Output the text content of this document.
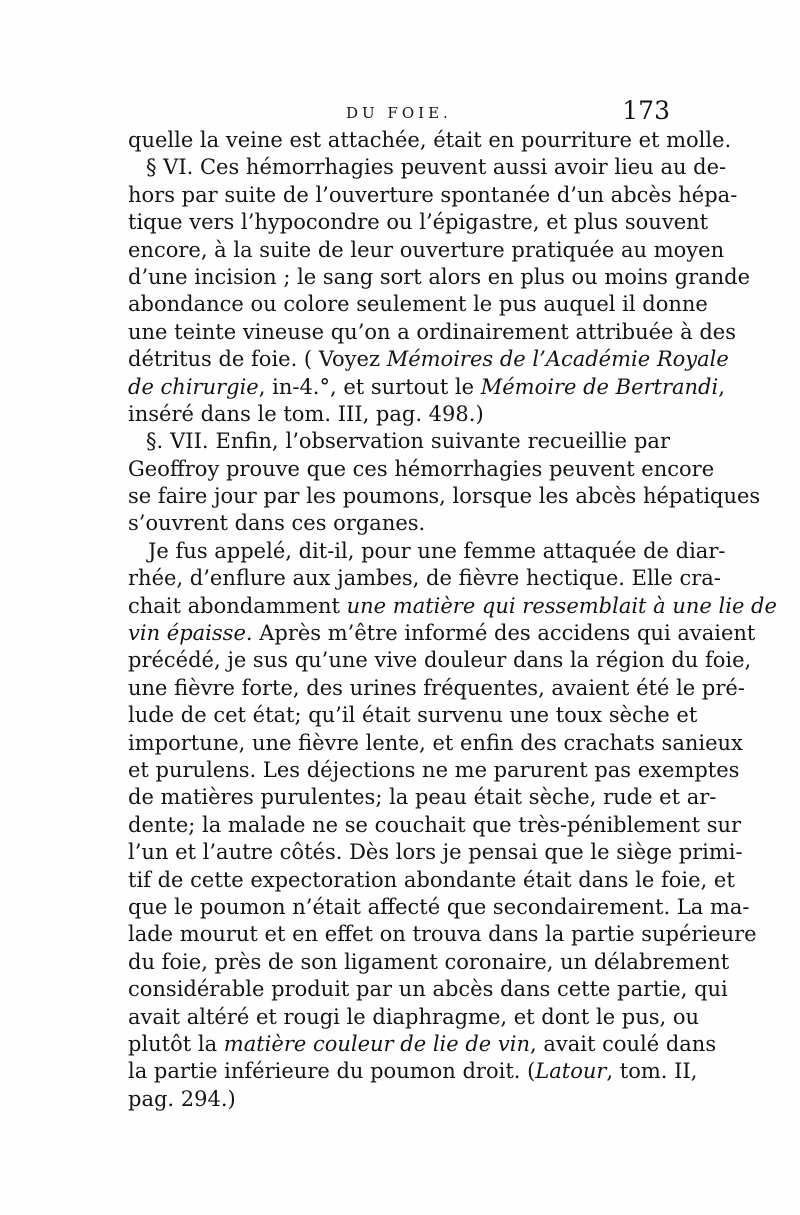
DU FOIE.	173
quelle la veine est attachée, était en pourriture et molle.
§ VI. Ces hémorrhagies peuvent aussi avoir lieu au de-
hors par suite de l’ouverture spontanée d’un abcès hépa-
tique vers l’hypocondre ou l’épigastre, et plus souvent
encore, à la suite de leur ouverture pratiquée au moyen
d’une incision ; le sang sort alors en plus ou moins grande
abondance ou colore seulement le pus auquel il donne
une teinte vineuse qu’on a ordinairement attribuée à des
détritus de foie. ( Voyez Mémoires de l’Académie Royale
de chirurgie, in-4.°, et surtout le Mémoire de Bertrandi,
inséré dans le tom. III, pag. 498.)
§. VII. Enfin, l’observation suivante recueillie par
Geoffroy prouve que ces hémorrhagies peuvent encore
se faire jour par les poumons, lorsque les abcès hépatiques
s’ouvrent dans ces organes.
Je fus appelé, dit-il, pour une femme attaquée de diar-
rhée, d’enflure aux jambes, de fièvre hectique. Elle cra-
chait abondamment une matière qui ressemblait à une lie de
vin épaisse. Après m’être informé des accidens qui avaient
précédé, je sus qu’une vive douleur dans la région du foie,
une fièvre forte, des urines fréquentes, avaient été le pré-
lude de cet état; qu’il était survenu une toux sèche et
importune, une fièvre lente, et enfin des crachats sanieux
et purulens. Les déjections ne me parurent pas exemptes
de matières purulentes; la peau était sèche, rude et ar-
dente; la malade ne se couchait que très-péniblement sur
l’un et l’autre côtés. Dès lors je pensai que le siège primi-
tif de cette expectoration abondante était dans le foie, et
que le poumon n’était affecté que secondairement. La ma-
lade mourut et en effet on trouva dans la partie supérieure
du foie, près de son ligament coronaire, un délabrement
considérable produit par un abcès dans cette partie, qui
avait altéré et rougi le diaphragme, et dont le pus, ou
plutôt la matière couleur de lie de vin, avait coulé dans
la partie inférieure du poumon droit. (Latour, tom. II,
pag. 294.)
